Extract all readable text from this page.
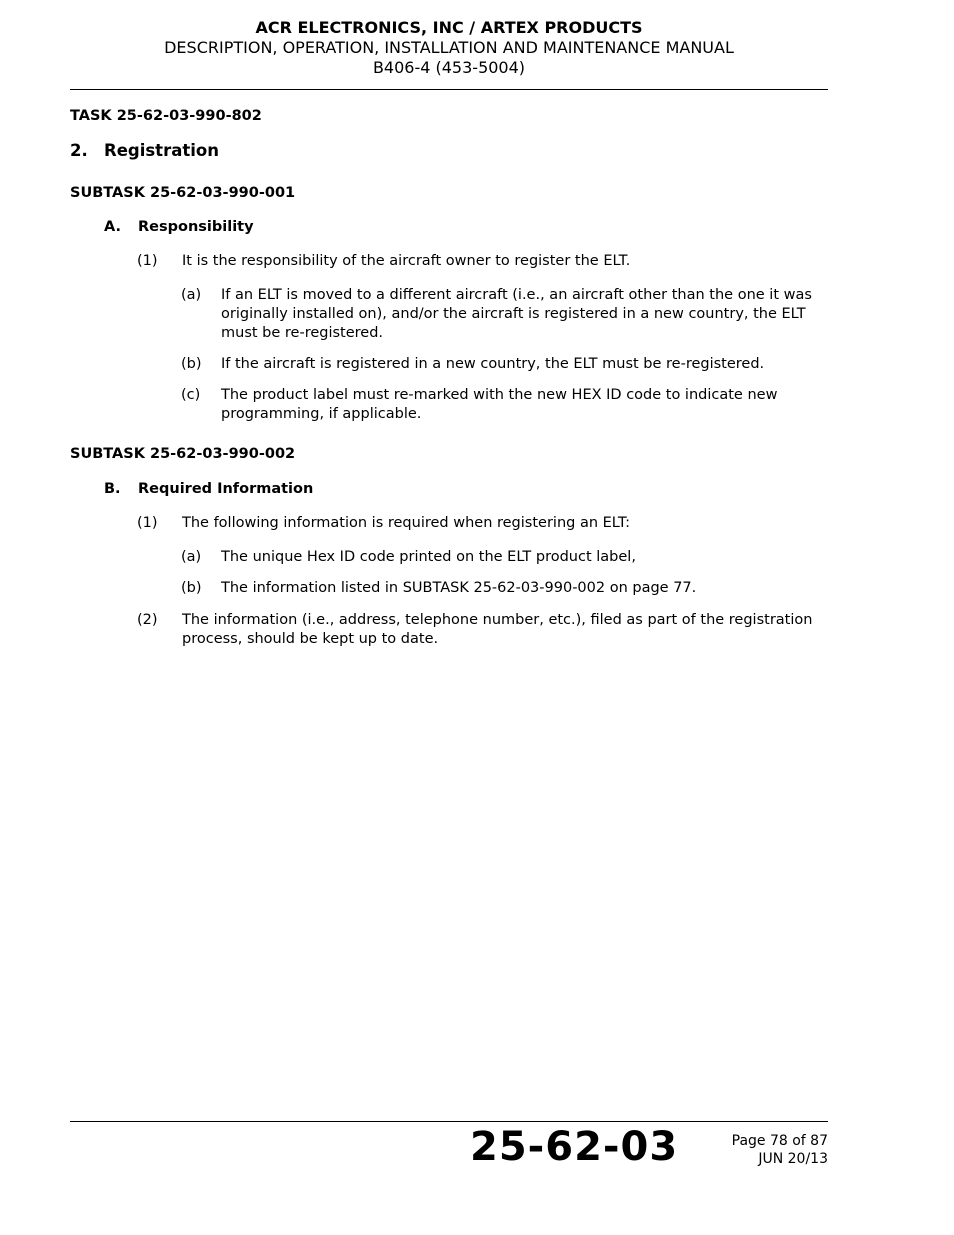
ACR ELECTRONICS, INC / ARTEX PRODUCTS
DESCRIPTION, OPERATION, INSTALLATION AND MAINTENANCE MANUAL
B406-4 (453-5004)
TASK 25-62-03-990-802
2. Registration
SUBTASK 25-62-03-990-001
A. Responsibility
(1) It is the responsibility of the aircraft owner to register the ELT.
(a) If an ELT is moved to a different aircraft (i.e., an aircraft other than the one it was originally installed on), and/or the aircraft is registered in a new country, the ELT must be re-registered.
(b) If the aircraft is registered in a new country, the ELT must be re-registered.
(c) The product label must re-marked with the new HEX ID code to indicate new programming, if applicable.
SUBTASK 25-62-03-990-002
B. Required Information
(1) The following information is required when registering an ELT:
(a) The unique Hex ID code printed on the ELT product label,
(b) The information listed in SUBTASK 25-62-03-990-002 on page 77.
(2) The information (i.e., address, telephone number, etc.), filed as part of the registration process, should be kept up to date.
25-62-03	Page 78 of 87
JUN 20/13
